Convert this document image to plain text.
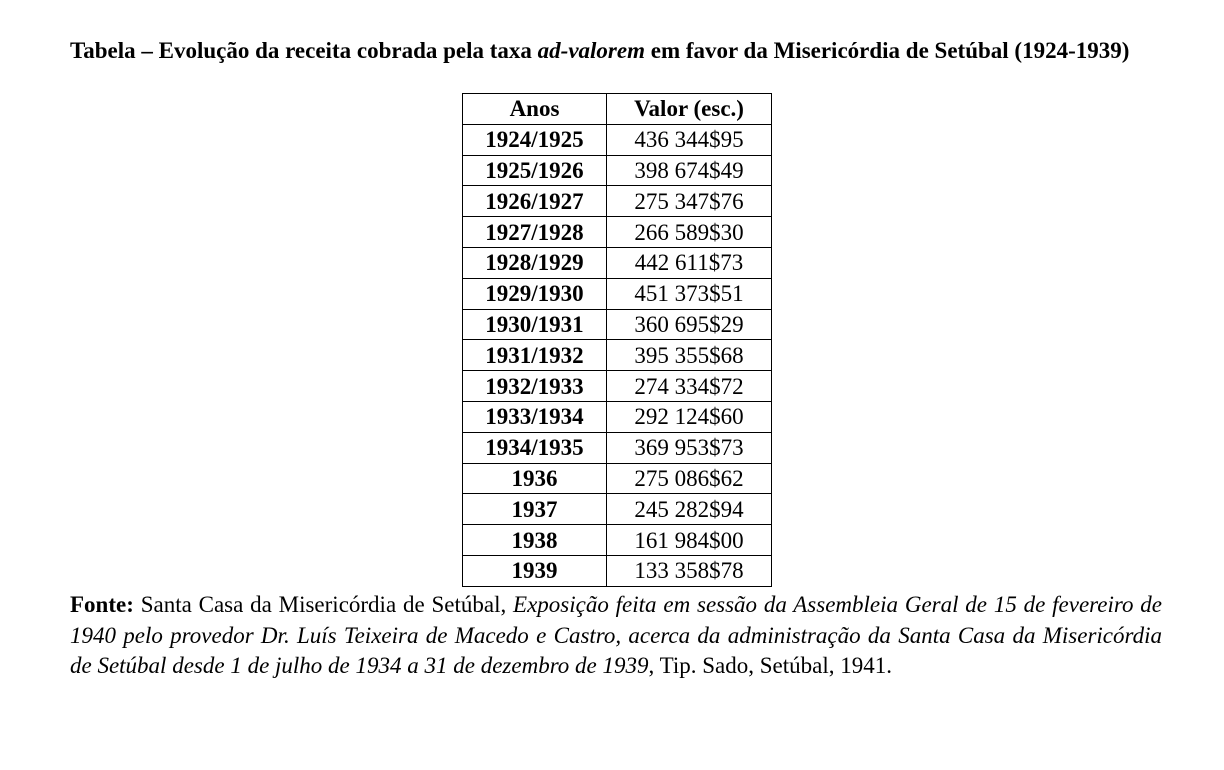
Tabela – Evolução da receita cobrada pela taxa ad-valorem em favor da Misericórdia de Setúbal (1924-1939)
Anos	Valor (esc.)
1924/1925	436 344$95
1925/1926	398 674$49
1926/1927	275 347$76
1927/1928	266 589$30
1928/1929	442 611$73
1929/1930	451 373$51
1930/1931	360 695$29
1931/1932	395 355$68
1932/1933	274 334$72
1933/1934	292 124$60
1934/1935	369 953$73
1936	275 086$62
1937	245 282$94
1938	161 984$00
1939	133 358$78
Fonte: Santa Casa da Misericórdia de Setúbal, Exposição feita em sessão da Assembleia Geral de 15 de fevereiro de 1940 pelo provedor Dr. Luís Teixeira de Macedo e Castro, acerca da administração da Santa Casa da Misericórdia de Setúbal desde 1 de julho de 1934 a 31 de dezembro de 1939, Tip. Sado, Setúbal, 1941.
